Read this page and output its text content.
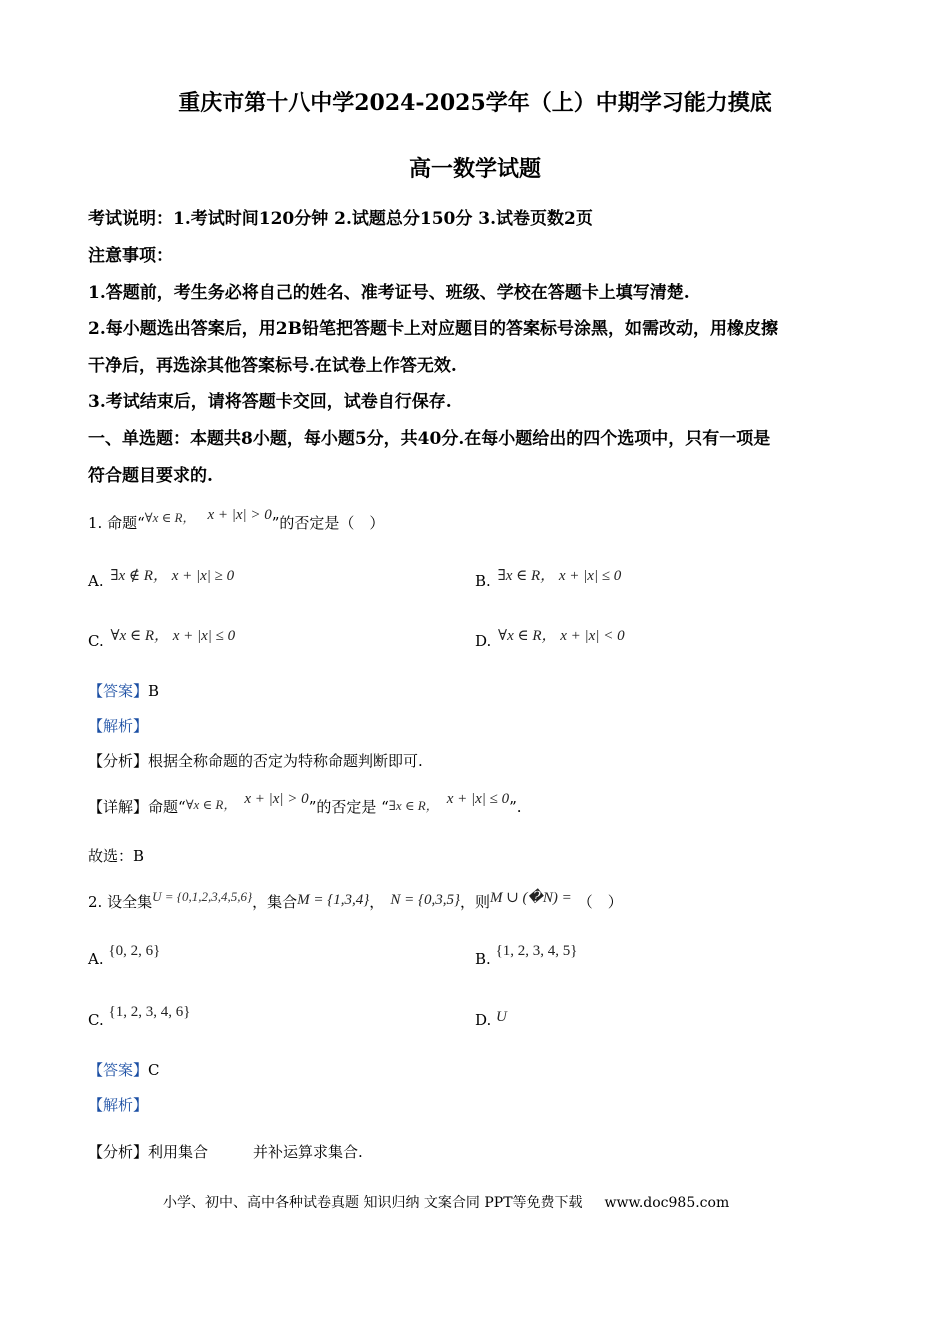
重庆市第十八中学2024-2025学年（上）中期学习能力摸底
高一数学试题
考试说明：1.考试时间120分钟 2.试题总分150分 3.试卷页数2页
注意事项：
1.答题前，考生务必将自己的姓名、准考证号、班级、学校在答题卡上填写清楚.
2.每小题选出答案后，用2B铅笔把答题卡上对应题目的答案标号涂黑，如需改动，用橡皮擦
干净后，再选涂其他答案标号.在试卷上作答无效.
3.考试结束后，请将答题卡交回，试卷自行保存.
一、单选题：本题共8小题，每小题5分，共40分.在每小题给出的四个选项中，只有一项是
符合题目要求的.
1. 命题“∀x ∈ R， x + |x| > 0”的否定是（　）
A. ∃x ∉ R， x + |x| ≥ 0	B. ∃x ∈ R， x + |x| ≤ 0
C. ∀x ∈ R， x + |x| ≤ 0	D. ∀x ∈ R， x + |x| < 0
【答案】B
【解析】
【分析】根据全称命题的否定为特称命题判断即可.
【详解】命题“∀x ∈ R， x + |x| > 0”的否定是 “∃x ∈ R， x + |x| ≤ 0”.
故选：B
2. 设全集U = {0,1,2,3,4,5,6}，集合M = {1,3,4}， N = {0,3,5}，则M ∪ (�N) = （　）
A. {0, 2, 6}	B. {1, 2, 3, 4, 5}
C. {1, 2, 3, 4, 6}	D. U
【答案】C
【解析】
【分析】利用集合　　　并补运算求集合.
小学、初中、高中各种试卷真题 知识归纳 文案合同 PPT等免费下载 www.doc985.com
